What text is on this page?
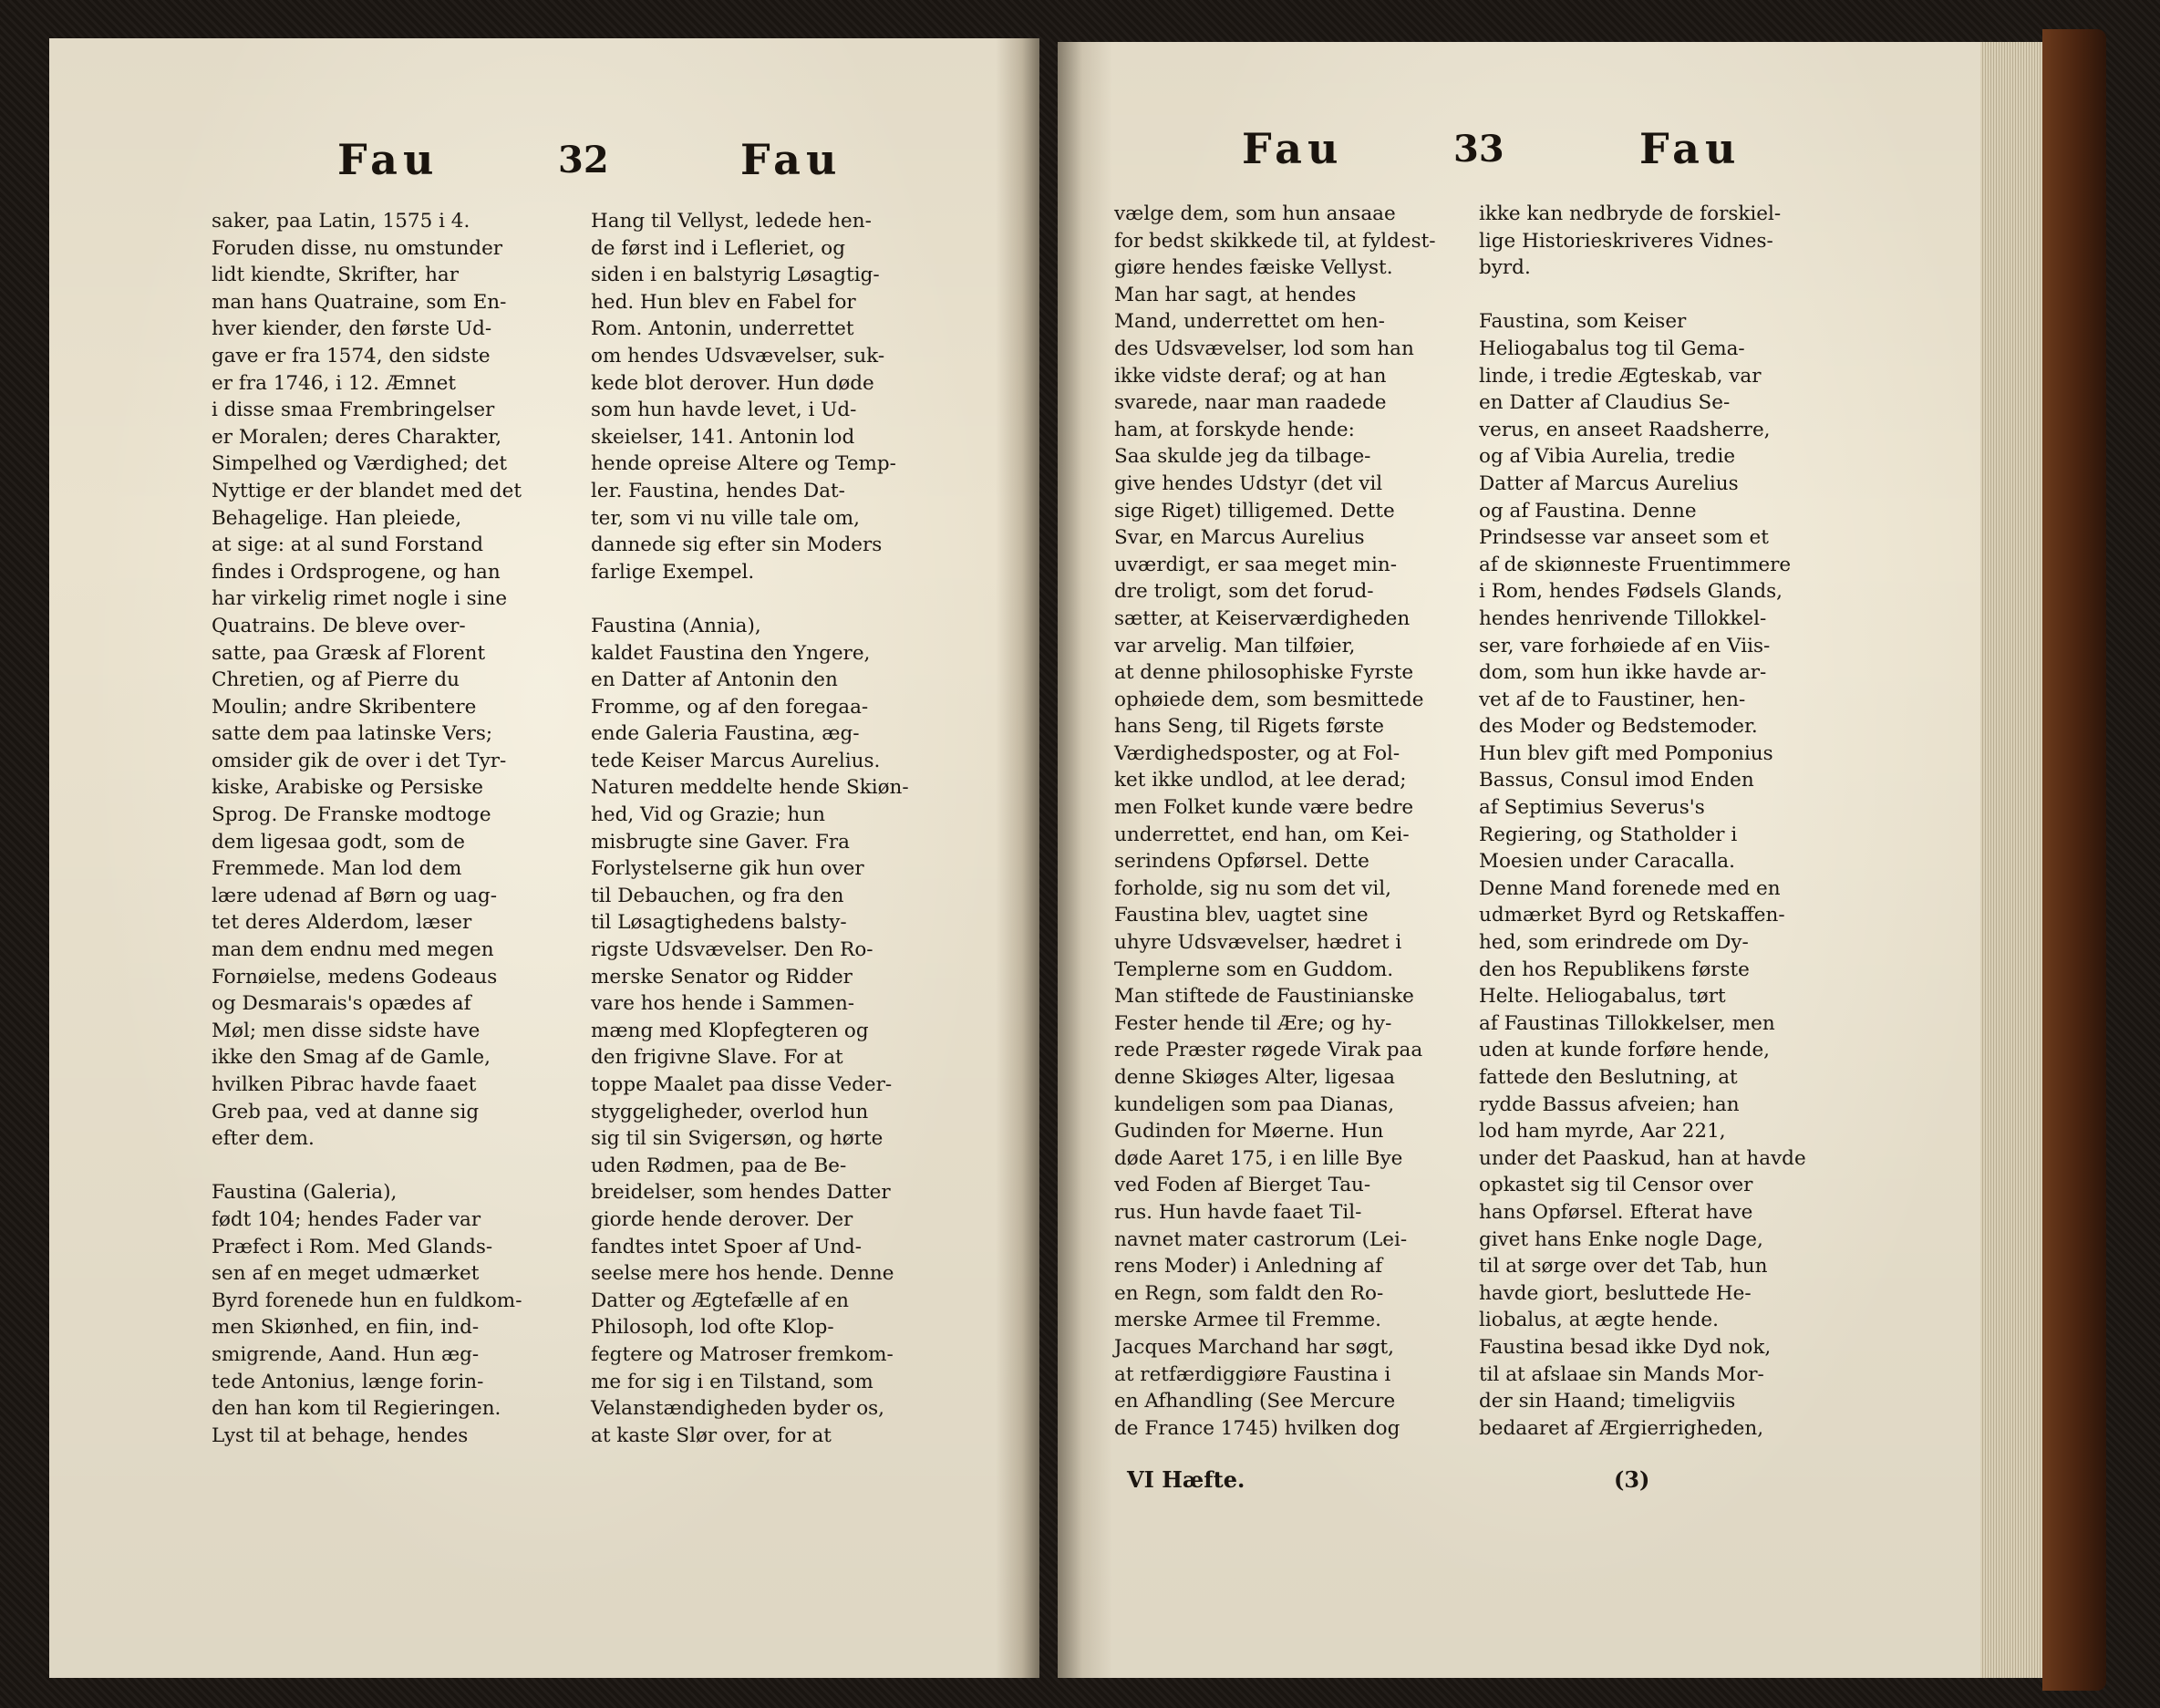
Fau	32	Fau	Fau	33	Fau
saker, paa Latin, 1575 i 4.
Foruden disse, nu omstunder
lidt kiendte, Skrifter, har
man hans Quatraine, som En-
hver kiender, den første Ud-
gave er fra 1574, den sidste
er fra 1746, i 12. Æmnet
i disse smaa Frembringelser
er Moralen; deres Charakter,
Simpelhed og Værdighed; det
Nyttige er der blandet med det
Behagelige. Han pleiede,
at sige: at al sund Forstand
findes i Ordsprogene, og han
har virkelig rimet nogle i sine
Quatrains. De bleve over-
satte, paa Græsk af Florent
Chretien, og af Pierre du
Moulin; andre Skribentere
satte dem paa latinske Vers;
omsider gik de over i det Tyr-
kiske, Arabiske og Persiske
Sprog. De Franske modtoge
dem ligesaa godt, som de
Fremmede. Man lod dem
lære udenad af Børn og uag-
tet deres Alderdom, læser
man dem endnu med megen
Fornøielse, medens Godeaus
og Desmarais's opædes af
Møl; men disse sidste have
ikke den Smag af de Gamle,
hvilken Pibrac havde faaet
Greb paa, ved at danne sig
efter dem.
Faustina (Galeria),
født 104; hendes Fader var
Præfect i Rom. Med Glands-
sen af en meget udmærket
Byrd forenede hun en fuldkom-
men Skiønhed, en fiin, ind-
smigrende, Aand. Hun æg-
tede Antonius, længe forin-
den han kom til Regieringen.
Lyst til at behage, hendes
Hang til Vellyst, ledede hen-
de først ind i Lefleriet, og
siden i en balstyrig Løsagtig-
hed. Hun blev en Fabel for
Rom. Antonin, underrettet
om hendes Udsvævelser, suk-
kede blot derover. Hun døde
som hun havde levet, i Ud-
skeielser, 141. Antonin lod
hende opreise Altere og Temp-
ler. Faustina, hendes Dat-
ter, som vi nu ville tale om,
dannede sig efter sin Moders
farlige Exempel.
Faustina (Annia),
kaldet Faustina den Yngere,
en Datter af Antonin den
Fromme, og af den foregaa-
ende Galeria Faustina, æg-
tede Keiser Marcus Aurelius.
Naturen meddelte hende Skiøn-
hed, Vid og Grazie; hun
misbrugte sine Gaver. Fra
Forlystelserne gik hun over
til Debauchen, og fra den
til Løsagtighedens balsty-
rigste Udsvævelser. Den Ro-
merske Senator og Ridder
vare hos hende i Sammen-
mæng med Klopfegteren og
den frigivne Slave. For at
toppe Maalet paa disse Veder-
styggeligheder, overlod hun
sig til sin Svigersøn, og hørte
uden Rødmen, paa de Be-
breidelser, som hendes Datter
giorde hende derover. Der
fandtes intet Spoer af Und-
seelse mere hos hende. Denne
Datter og Ægtefælle af en
Philosoph, lod ofte Klop-
fegtere og Matroser fremkom-
me for sig i en Tilstand, som
Velanstændigheden byder os,
at kaste Slør over, for at
vælge dem, som hun ansaae
for bedst skikkede til, at fyldest-
giøre hendes fæiske Vellyst.
Man har sagt, at hendes
Mand, underrettet om hen-
des Udsvævelser, lod som han
ikke vidste deraf; og at han
svarede, naar man raadede
ham, at forskyde hende:
Saa skulde jeg da tilbage-
give hendes Udstyr (det vil
sige Riget) tilligemed. Dette
Svar, en Marcus Aurelius
uværdigt, er saa meget min-
dre troligt, som det forud-
sætter, at Keiserværdigheden
var arvelig. Man tilføier,
at denne philosophiske Fyrste
ophøiede dem, som besmittede
hans Seng, til Rigets første
Værdighedsposter, og at Fol-
ket ikke undlod, at lee derad;
men Folket kunde være bedre
underrettet, end han, om Kei-
serindens Opførsel. Dette
forholde, sig nu som det vil,
Faustina blev, uagtet sine
uhyre Udsvævelser, hædret i
Templerne som en Guddom.
Man stiftede de Faustinianske
Fester hende til Ære; og hy-
rede Præster røgede Virak paa
denne Skiøges Alter, ligesaa
kundeligen som paa Dianas,
Gudinden for Møerne. Hun
døde Aaret 175, i en lille Bye
ved Foden af Bierget Tau-
rus. Hun havde faaet Til-
navnet mater castrorum (Lei-
rens Moder) i Anledning af
en Regn, som faldt den Ro-
merske Armee til Fremme.
Jacques Marchand har søgt,
at retfærdiggiøre Faustina i
en Afhandling (See Mercure
de France 1745) hvilken dog
ikke kan nedbryde de forskiel-
lige Historieskriveres Vidnes-
byrd.
Faustina, som Keiser
Heliogabalus tog til Gema-
linde, i tredie Ægteskab, var
en Datter af Claudius Se-
verus, en anseet Raadsherre,
og af Vibia Aurelia, tredie
Datter af Marcus Aurelius
og af Faustina. Denne
Prindsesse var anseet som et
af de skiønneste Fruentimmere
i Rom, hendes Fødsels Glands,
hendes henrivende Tillokkel-
ser, vare forhøiede af en Viis-
dom, som hun ikke havde ar-
vet af de to Faustiner, hen-
des Moder og Bedstemoder.
Hun blev gift med Pomponius
Bassus, Consul imod Enden
af Septimius Severus's
Regiering, og Statholder i
Moesien under Caracalla.
Denne Mand forenede med en
udmærket Byrd og Retskaffen-
hed, som erindrede om Dy-
den hos Republikens første
Helte. Heliogabalus, tørt
af Faustinas Tillokkelser, men
uden at kunde forføre hende,
fattede den Beslutning, at
rydde Bassus afveien; han
lod ham myrde, Aar 221,
under det Paaskud, han at havde
opkastet sig til Censor over
hans Opførsel. Efterat have
givet hans Enke nogle Dage,
til at sørge over det Tab, hun
havde giort, besluttede He-
liobalus, at ægte hende.
Faustina besad ikke Dyd nok,
til at afslaae sin Mands Mor-
der sin Haand; timeligviis
bedaaret af Ærgierrigheden,
VI Hæfte.	(3)
